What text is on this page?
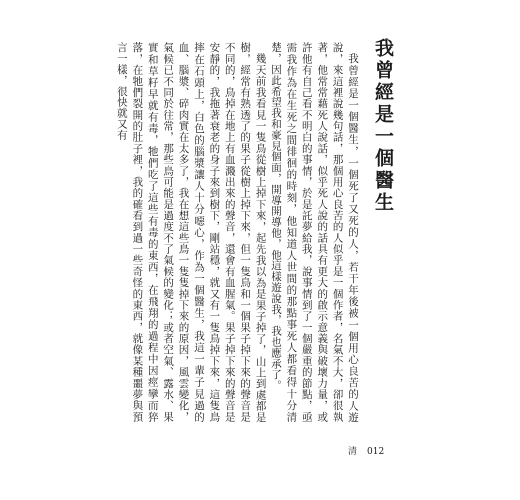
我曾經是一個醫生

我曾經是一個醫生，一個死了又死的人，若干年後被一個用心良苦的人遊說，來這裡說幾句話，那個用心良苦的人似乎是一個作者，名氣不大，卻很執著，他常常藉死人說話，似乎死人說的話具有更大的啟示意義與破壞力量，或許他有自己看不明白的事情，於是託夢給我，說事情到了一個嚴重的節點，亟需我作為在生死之間徘徊的時刻，他知道人世間的那點事死人都看得十分清楚，因此希望我和豪見個面，開導開導他，他這樣遊說我，我也應承了。

幾天前我看見一隻鳥從樹上掉下來，起先我以為是果子掉了，山上到處都是樹，經常有熟透了的果子從樹上掉下來，但一隻鳥和一個果子掉下來的聲音是不同的，鳥掉在地上有血濺出來的聲音，還會有血腥氣。果子掉下來的聲音是安靜的，我拖著衰老的身子來到樹下，剛站穩，就又有一隻鳥掉下來，這隻鳥摔在石頭上，白色的腦漿讓人十分噁心，作為一個醫生，我這一輩子見過的血、腦漿、碎肉實在太多了，我在想這些鳥一隻隻掉下來的原因，風雲變化，氣候已不同於往常，那些鳥可能是過度不了氣候的變化；或者空氣、露水、果實和草籽早就有毒，牠們吃了這些有毒的東西，在飛翔的過程中因痙攣而猝落，在牠們裂開的肚子裡，我的確看到過一些奇怪的東西，就像某種噩夢與預言一樣，很快就又有

清 012
